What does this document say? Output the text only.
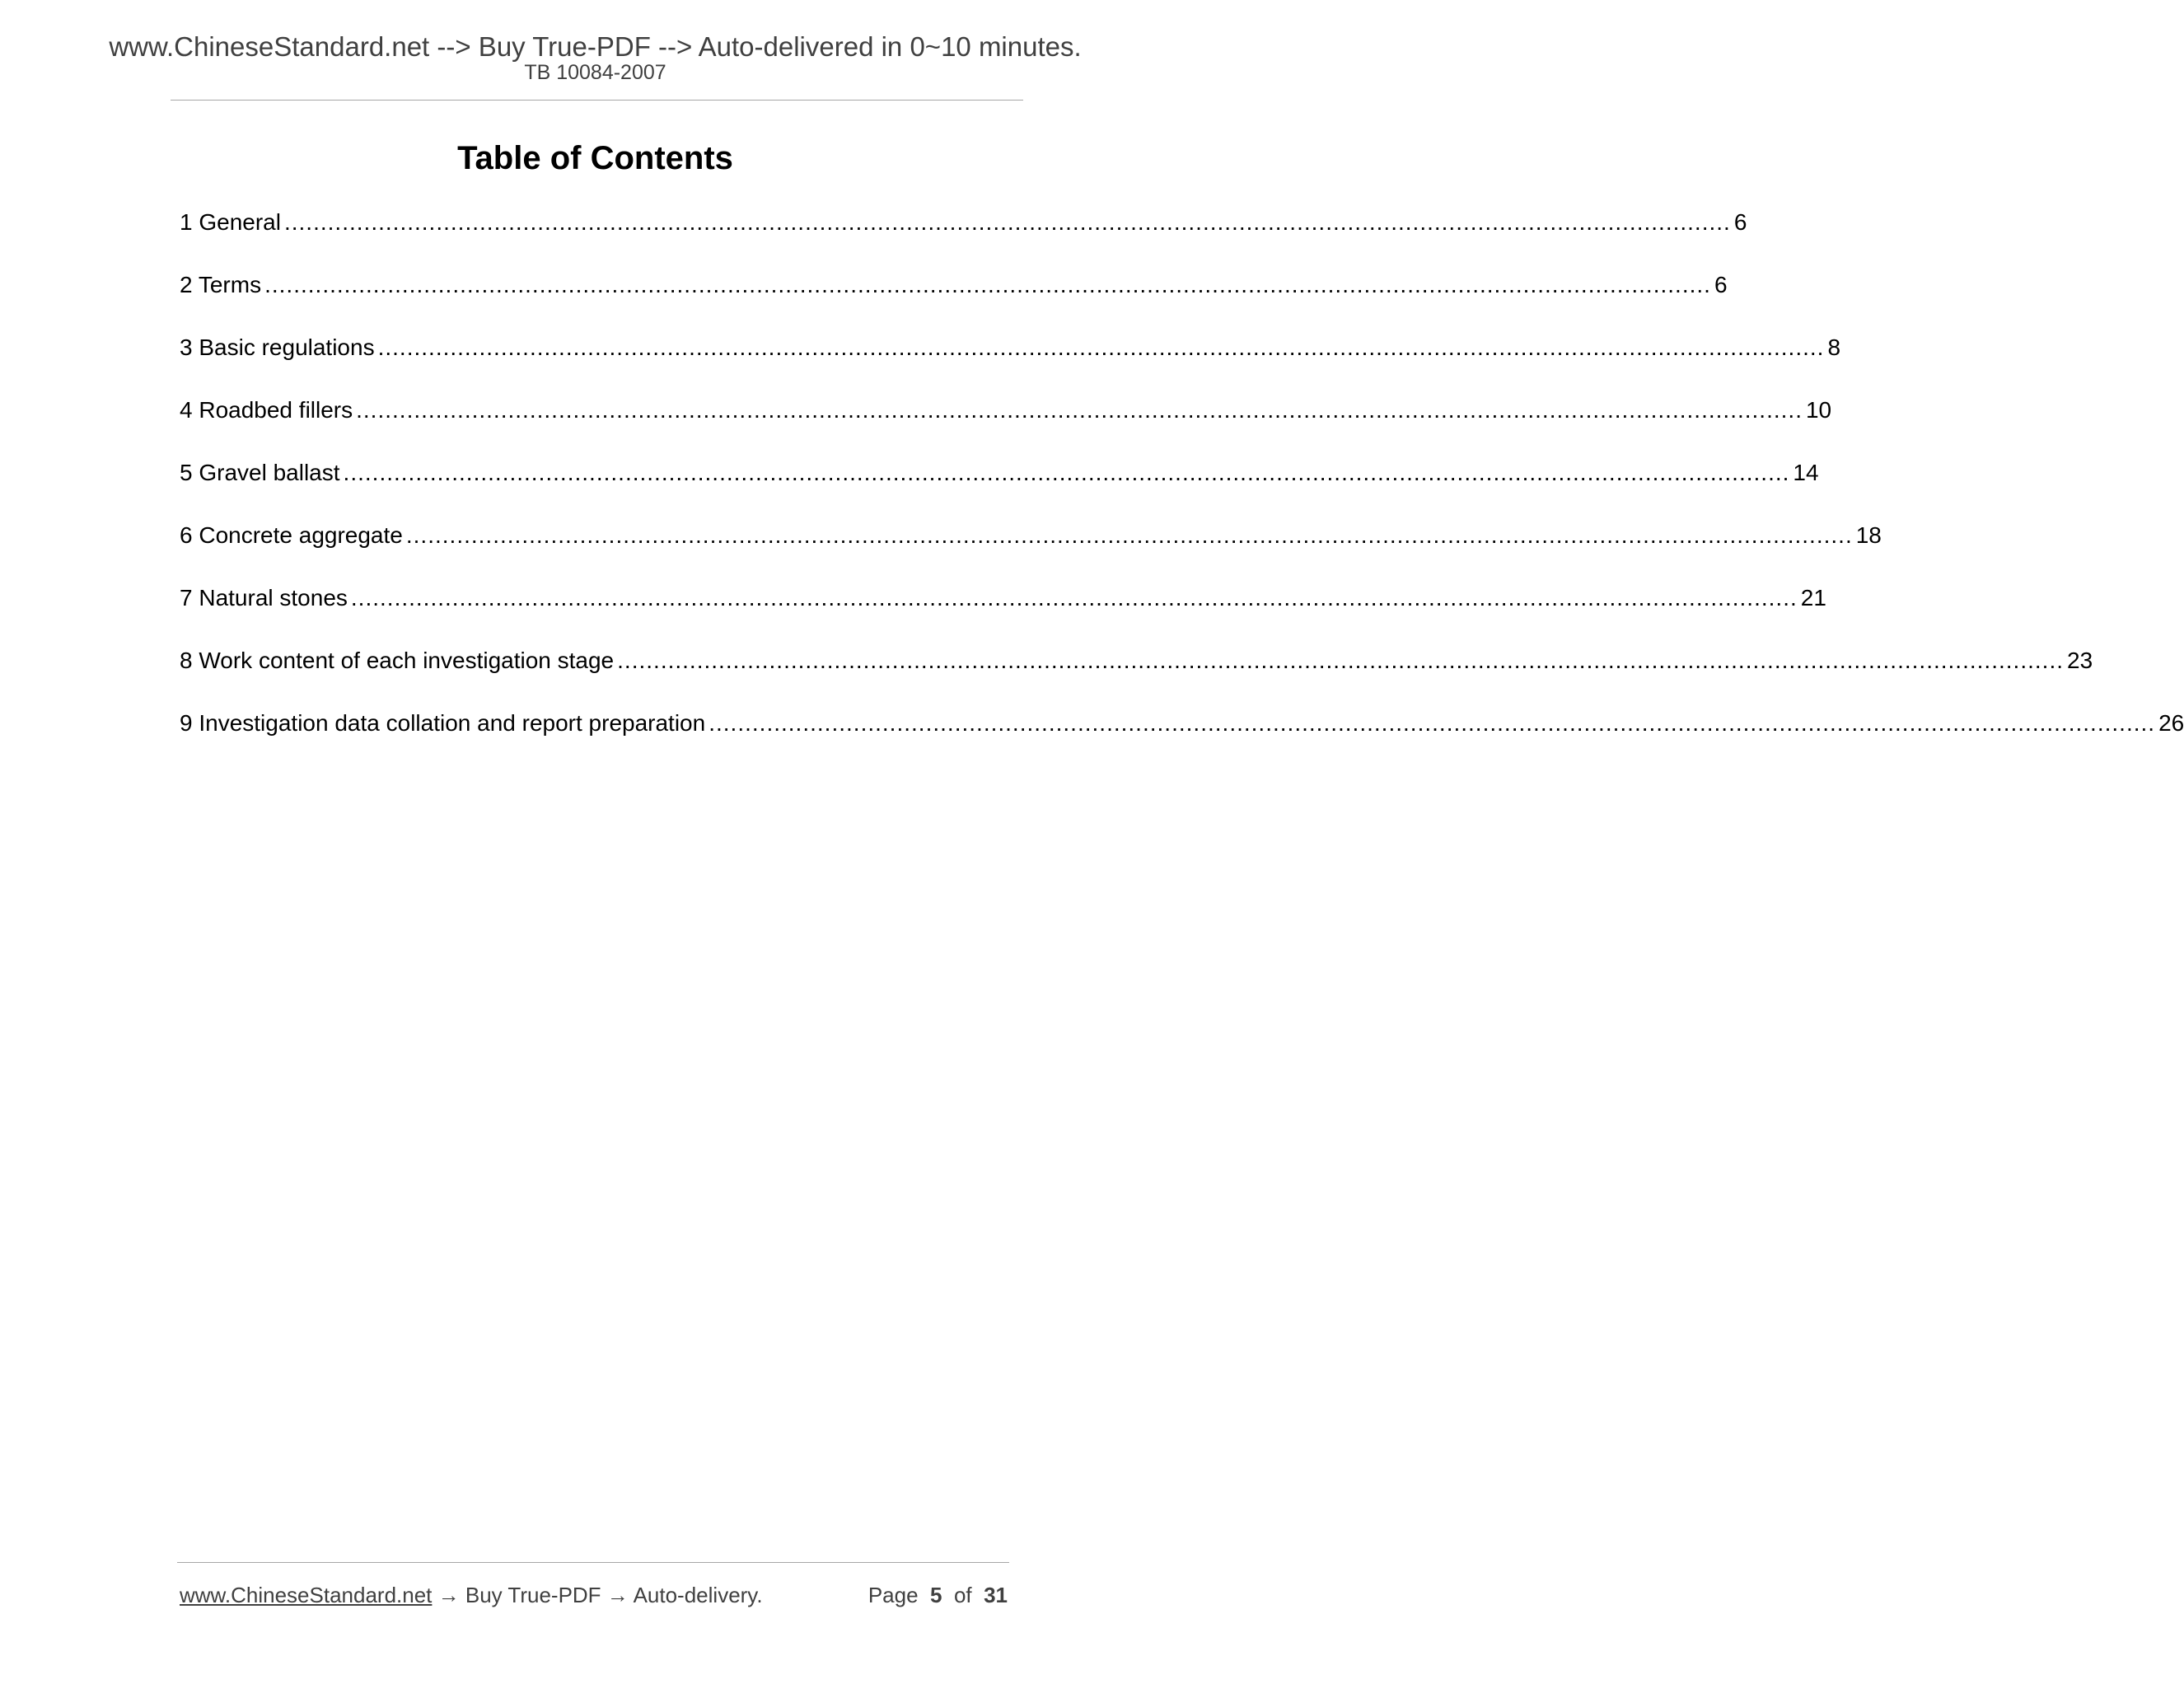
www.ChineseStandard.net --> Buy True-PDF --> Auto-delivered in 0~10 minutes.
TB 10084-2007
Table of Contents
1 General ........................................................................................................................................................................................................ 6
2 Terms ........................................................................................................................................................................................................ 6
3 Basic regulations ........................................................................................................................................................................................................ 8
4 Roadbed fillers ........................................................................................................................................................................................................ 10
5 Gravel ballast ........................................................................................................................................................................................................ 14
6 Concrete aggregate ........................................................................................................................................................................................................ 18
7 Natural stones ........................................................................................................................................................................................................ 21
8 Work content of each investigation stage ........................................................................................................................................................................................................ 23
9 Investigation data collation and report preparation ........................................................................................................................................................................................................ 26
www.ChineseStandard.net → Buy True-PDF → Auto-delivery.	Page 5 of 31
